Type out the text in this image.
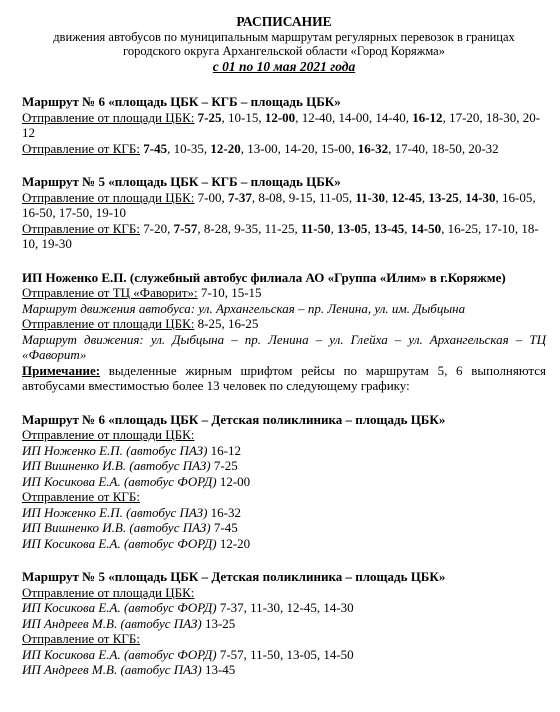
РАСПИСАНИЕ
движения автобусов по муниципальным маршрутам регулярных перевозок в границах
городского округа Архангельской области «Город Коряжма»
с 01 по 10 мая 2021 года

Маршрут № 6 «площадь ЦБК – КГБ – площадь ЦБК»

Отправление от площади ЦБК: 7-25, 10-15, 12-00, 12-40, 14-00, 14-40, 16-12, 17-20, 18-30, 20-12

Отправление от КГБ: 7-45, 10-35, 12-20, 13-00, 14-20, 15-00, 16-32, 17-40, 18-50, 20-32

Маршрут № 5 «площадь ЦБК – КГБ – площадь ЦБК»

Отправление от площади ЦБК: 7-00, 7-37, 8-08, 9-15, 11-05, 11-30, 12-45, 13-25, 14-30, 16-05, 16-50, 17-50, 19-10

Отправление от КГБ: 7-20, 7-57, 8-28, 9-35, 11-25, 11-50, 13-05, 13-45, 14-50, 16-25, 17-10, 18-10, 19-30

ИП Ноженко Е.П. (служебный автобус филиала АО «Группа «Илим» в г.Коряжме)

Отправление от ТЦ «Фаворит»: 7-10, 15-15

Маршрут движения автобуса: ул. Архангельская – пр. Ленина, ул. им. Дыбцына

Отправление от площади ЦБК: 8-25, 16-25

Маршрут движения: ул. Дыбцына – пр. Ленина – ул. Глейха – ул. Архангельская – ТЦ «Фаворит»

Примечание: выделенные жирным шрифтом рейсы по маршрутам 5, 6 выполняются автобусами вместимостью более 13 человек по следующему графику:

Маршрут № 6 «площадь ЦБК – Детская поликлиника – площадь ЦБК»

Отправление от площади ЦБК:

ИП Ноженко Е.П. (автобус ПАЗ) 16-12

ИП Вишненко И.В. (автобус ПАЗ) 7-25

ИП Косикова Е.А. (автобус ФОРД) 12-00

Отправление от КГБ:

ИП Ноженко Е.П. (автобус ПАЗ) 16-32

ИП Вишненко И.В. (автобус ПАЗ) 7-45

ИП Косикова Е.А. (автобус ФОРД) 12-20

Маршрут № 5 «площадь ЦБК – Детская поликлиника – площадь ЦБК»

Отправление от площади ЦБК:

ИП Косикова Е.А. (автобус ФОРД) 7-37, 11-30, 12-45, 14-30

ИП Андреев М.В. (автобус ПАЗ) 13-25

Отправление от КГБ:

ИП Косикова Е.А. (автобус ФОРД) 7-57, 11-50, 13-05, 14-50

ИП Андреев М.В. (автобус ПАЗ) 13-45
